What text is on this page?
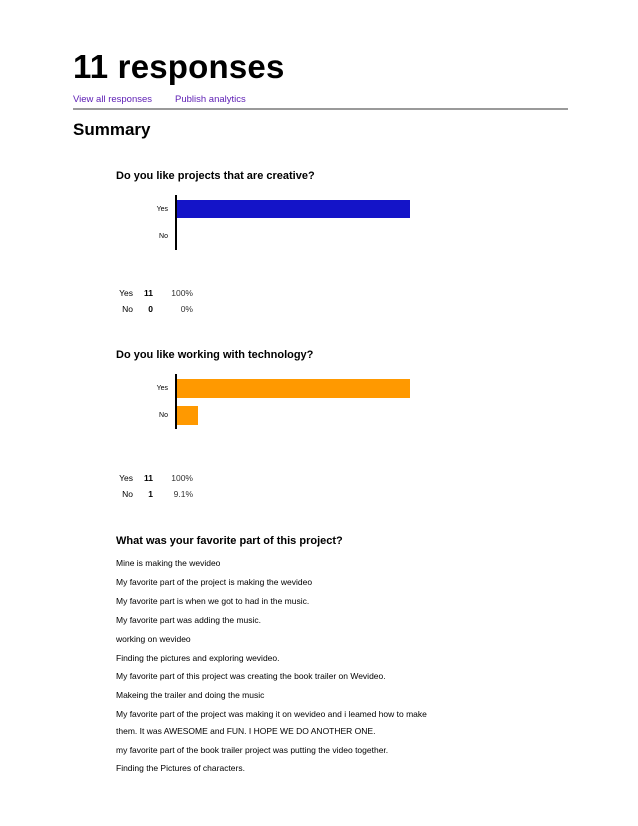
11 responses
View all responses Publish analytics
Summary
Do you like projects that are creative?
Yes
No
Yes	11	100%
No	0	0%
Do you like working with technology?
Yes
No
Yes	11	100%
No	1	9.1%
What was your favorite part of this project?
Mine is making the wevideo
My favorite part of the project is making the wevideo
My favorite part is when we got to had in the music.
My favorite part was adding the music.
working on wevideo
Finding the pictures and exploring wevideo.
My favorite part of this project was creating the book trailer on Wevideo.
Makeing the trailer and doing the music
My favorite part of the project was making it on wevideo and i leamed how to make
them. It was AWESOME and FUN. I HOPE WE DO ANOTHER ONE.
my favorite part of the book trailer project was putting the video together.
Finding the Pictures of characters.
